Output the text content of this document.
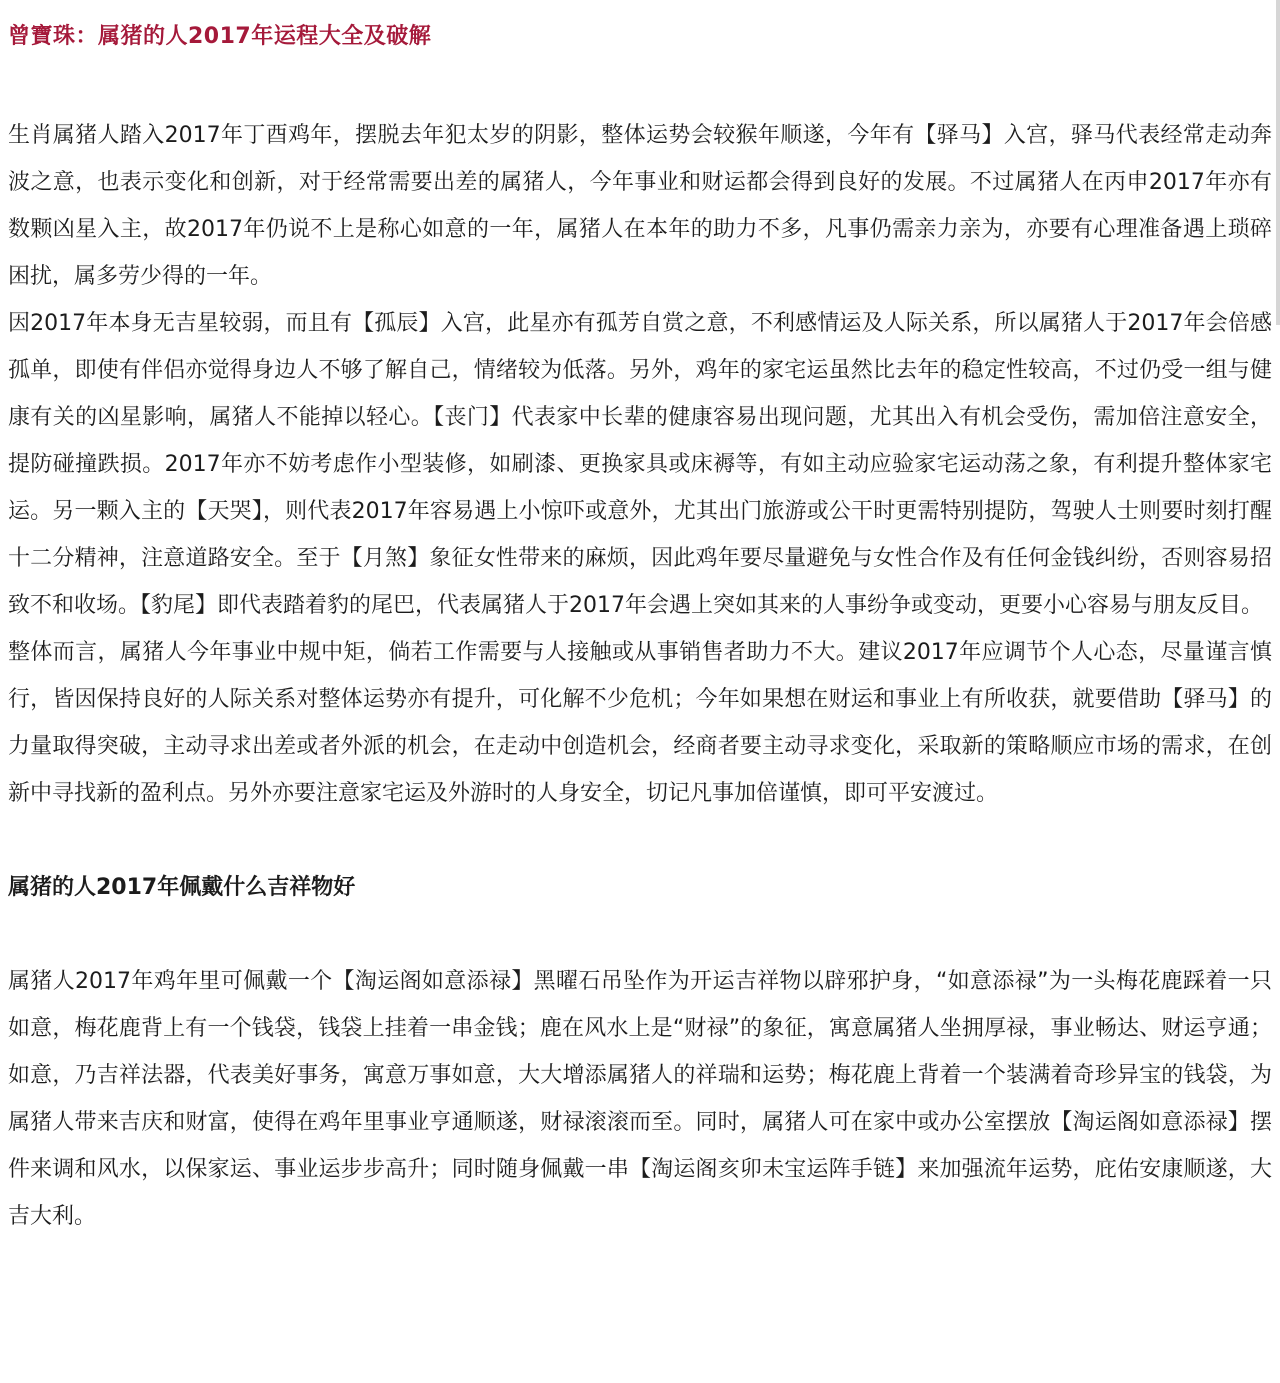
曾寶珠：属猪的人2017年运程大全及破解

生肖属猪人踏入2017年丁酉鸡年，摆脱去年犯太岁的阴影，整体运势会较猴年顺遂，今年有【驿马】入宫，驿马代表经常走动奔波之意，也表示变化和创新，对于经常需要出差的属猪人，今年事业和财运都会得到良好的发展。不过属猪人在丙申2017年亦有数颗凶星入主，故2017年仍说不上是称心如意的一年，属猪人在本年的助力不多，凡事仍需亲力亲为，亦要有心理准备遇上琐碎困扰，属多劳少得的一年。

因2017年本身无吉星较弱，而且有【孤辰】入宫，此星亦有孤芳自赏之意，不利感情运及人际关系，所以属猪人于2017年会倍感孤单，即使有伴侣亦觉得身边人不够了解自己，情绪较为低落。另外，鸡年的家宅运虽然比去年的稳定性较高，不过仍受一组与健康有关的凶星影响，属猪人不能掉以轻心。【丧门】代表家中长辈的健康容易出现问题，尤其出入有机会受伤，需加倍注意安全，提防碰撞跌损。2017年亦不妨考虑作小型装修，如刷漆、更换家具或床褥等，有如主动应验家宅运动荡之象，有利提升整体家宅运。另一颗入主的【天哭】，则代表2017年容易遇上小惊吓或意外，尤其出门旅游或公干时更需特别提防，驾驶人士则要时刻打醒十二分精神，注意道路安全。至于【月煞】象征女性带来的麻烦，因此鸡年要尽量避免与女性合作及有任何金钱纠纷，否则容易招致不和收场。【豹尾】即代表踏着豹的尾巴，代表属猪人于2017年会遇上突如其来的人事纷争或变动，更要小心容易与朋友反目。

整体而言，属猪人今年事业中规中矩，倘若工作需要与人接触或从事销售者助力不大。建议2017年应调节个人心态，尽量谨言慎行，皆因保持良好的人际关系对整体运势亦有提升，可化解不少危机；今年如果想在财运和事业上有所收获，就要借助【驿马】的力量取得突破，主动寻求出差或者外派的机会，在走动中创造机会，经商者要主动寻求变化，采取新的策略顺应市场的需求，在创新中寻找新的盈利点。另外亦要注意家宅运及外游时的人身安全，切记凡事加倍谨慎，即可平安渡过。

属猪的人2017年佩戴什么吉祥物好

属猪人2017年鸡年里可佩戴一个【淘运阁如意添禄】黑曜石吊坠作为开运吉祥物以辟邪护身，“如意添禄”为一头梅花鹿踩着一只如意，梅花鹿背上有一个钱袋，钱袋上挂着一串金钱；鹿在风水上是“财禄”的象征，寓意属猪人坐拥厚禄，事业畅达、财运亨通；如意，乃吉祥法器，代表美好事务，寓意万事如意，大大增添属猪人的祥瑞和运势；梅花鹿上背着一个装满着奇珍异宝的钱袋，为属猪人带来吉庆和财富，使得在鸡年里事业亨通顺遂，财禄滚滚而至。同时，属猪人可在家中或办公室摆放【淘运阁如意添禄】摆件来调和风水，以保家运、事业运步步高升；同时随身佩戴一串【淘运阁亥卯未宝运阵手链】来加强流年运势，庇佑安康顺遂，大吉大利。
